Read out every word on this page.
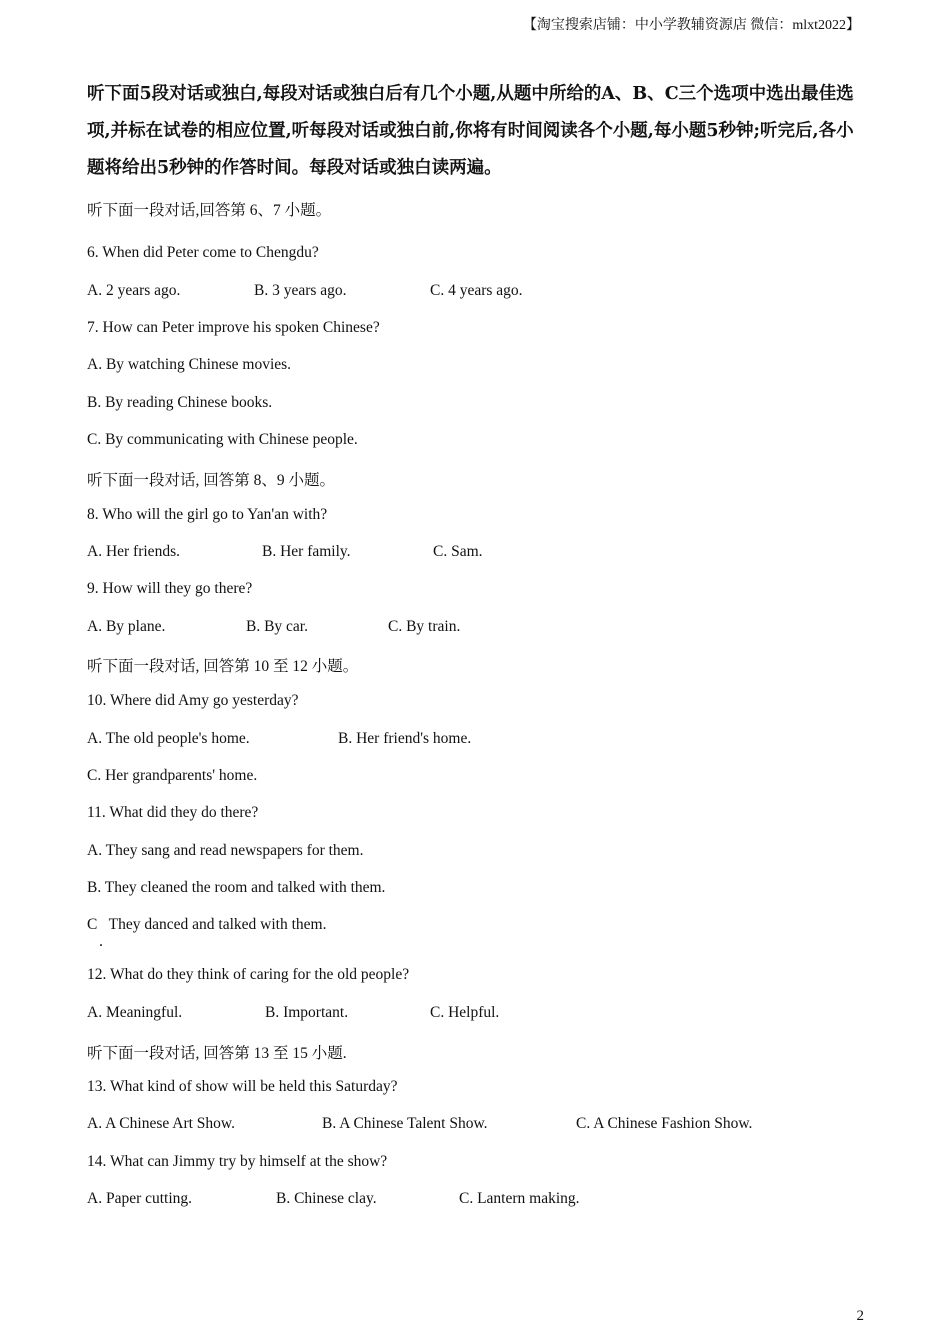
【淘宝搜索店铺：中小学教辅资源店 微信：mlxt2022】
听下面5段对话或独白,每段对话或独白后有几个小题,从题中所给的A、B、C三个选项中选出最佳选项,并标在试卷的相应位置,听每段对话或独白前,你将有时间阅读各个小题,每小题5秒钟;听完后,各小题将给出5秒钟的作答时间。每段对话或独白读两遍。
听下面一段对话,回答第 6、7 小题。
6. When did Peter come to Chengdu?
A. 2 years ago.	B. 3 years ago.	C. 4 years ago.
7. How can Peter improve his spoken Chinese?
A. By watching Chinese movies.
B. By reading Chinese books.
C. By communicating with Chinese people.
听下面一段对话, 回答第 8、9 小题。
8. Who will the girl go to Yan'an with?
A. Her friends.	B. Her family.	C. Sam.
9. How will they go there?
A. By plane.	B. By car.	C. By train.
听下面一段对话, 回答第 10 至 12 小题。
10. Where did Amy go yesterday?
A. The old people's home.	B. Her friend's home.
C. Her grandparents' home.
11. What did they do there?
A. They sang and read newspapers for them.
B. They cleaned the room and talked with them.
C   They danced and talked with them.
·
12. What do they think of caring for the old people?
A. Meaningful.	B. Important.	C. Helpful.
听下面一段对话, 回答第 13 至 15 小题.
13. What kind of show will be held this Saturday?
A. A Chinese Art Show.	B. A Chinese Talent Show.	C. A Chinese Fashion Show.
14. What can Jimmy try by himself at the show?
A. Paper cutting.	B. Chinese clay.	C. Lantern making.
2
